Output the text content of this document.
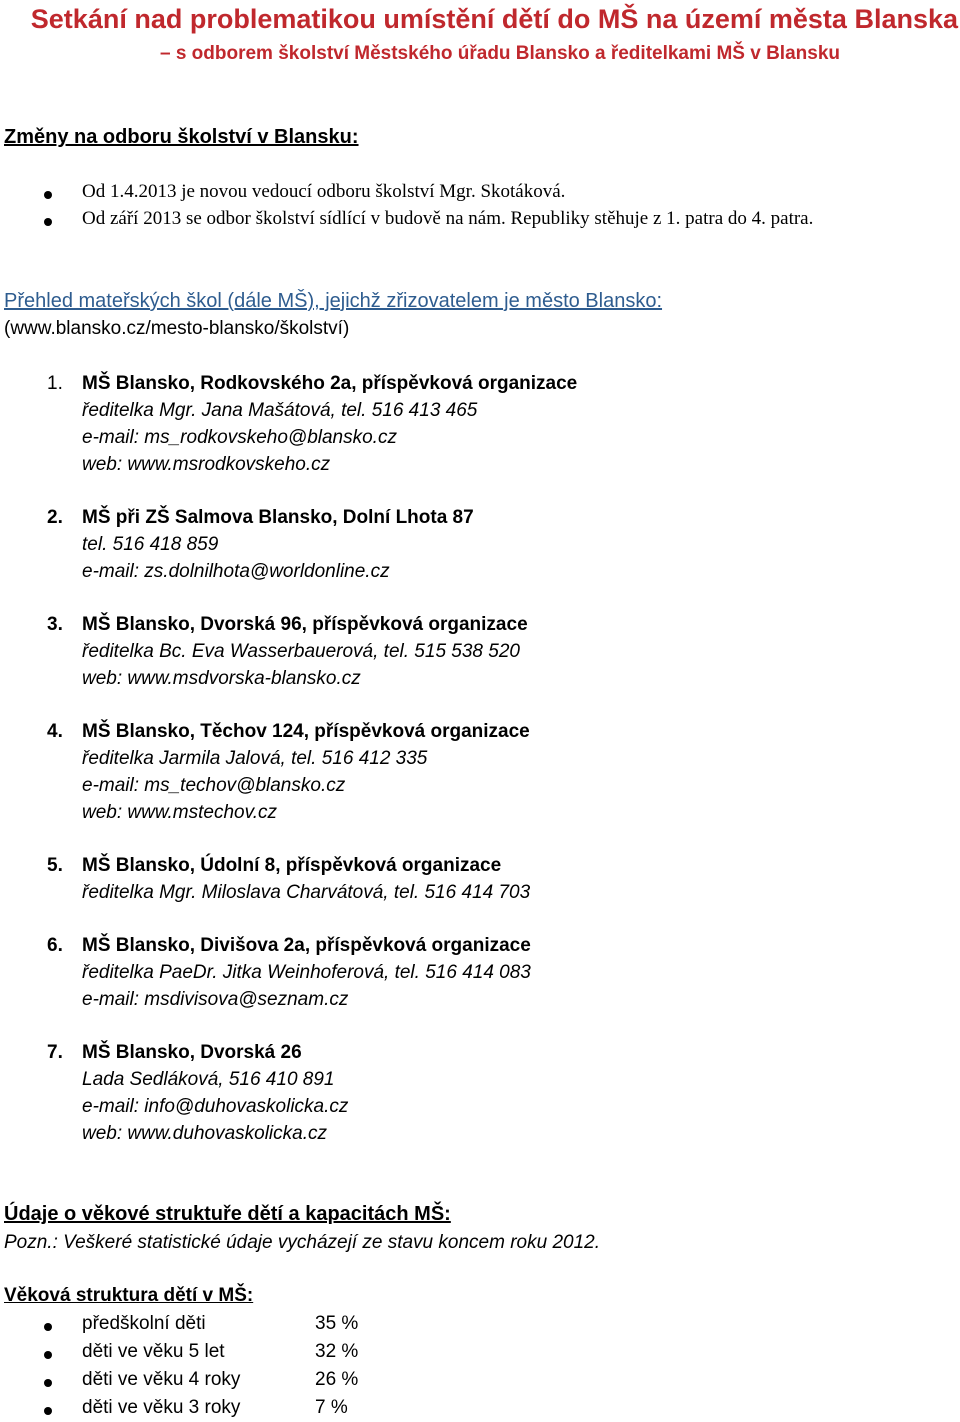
Setkání nad problematikou umístění dětí do MŠ na území města Blanska
– s odborem školství Městského úřadu Blansko a ředitelkami MŠ v Blansku
Změny na odboru školství v Blansku:
Od 1.4.2013 je novou vedoucí odboru školství Mgr. Skotáková.
Od září 2013 se odbor školství sídlící v budově na nám. Republiky stěhuje z 1. patra do 4. patra.
Přehled mateřských škol (dále MŠ), jejichž zřizovatelem je město Blansko:
(www.blansko.cz/mesto-blansko/školství)
1. MŠ Blansko, Rodkovského 2a, příspěvková organizace
ředitelka Mgr. Jana Mašátová, tel. 516 413 465
e-mail: ms_rodkovskeho@blansko.cz
web: www.msrodkovskeho.cz
2. MŠ při ZŠ Salmova Blansko, Dolní Lhota 87
tel. 516 418 859
e-mail: zs.dolnilhota@worldonline.cz
3. MŠ Blansko, Dvorská 96, příspěvková organizace
ředitelka Bc. Eva Wasserbauerová, tel. 515 538 520
web: www.msdvorska-blansko.cz
4. MŠ Blansko, Těchov 124, příspěvková organizace
ředitelka Jarmila Jalová, tel. 516 412 335
e-mail: ms_techov@blansko.cz
web: www.mstechov.cz
5. MŠ Blansko, Údolní 8, příspěvková organizace
ředitelka Mgr. Miloslava Charvátová, tel. 516 414 703
6. MŠ Blansko, Divišova 2a, příspěvková organizace
ředitelka PaeDr. Jitka Weinhoferová, tel. 516 414 083
e-mail: msdivisova@seznam.cz
7. MŠ Blansko, Dvorská 26
Lada Sedláková, 516 410 891
e-mail: info@duhovaskolicka.cz
web: www.duhovaskolicka.cz
Údaje o věkové struktuře dětí a kapacitách MŠ:
Pozn.: Veškeré statistické údaje vycházejí ze stavu koncem roku 2012.
Věková struktura dětí v MŠ:
předškolní děti	35 %
děti ve věku 5 let	32 %
děti ve věku 4 roky	26 %
děti ve věku 3 roky	7 %
